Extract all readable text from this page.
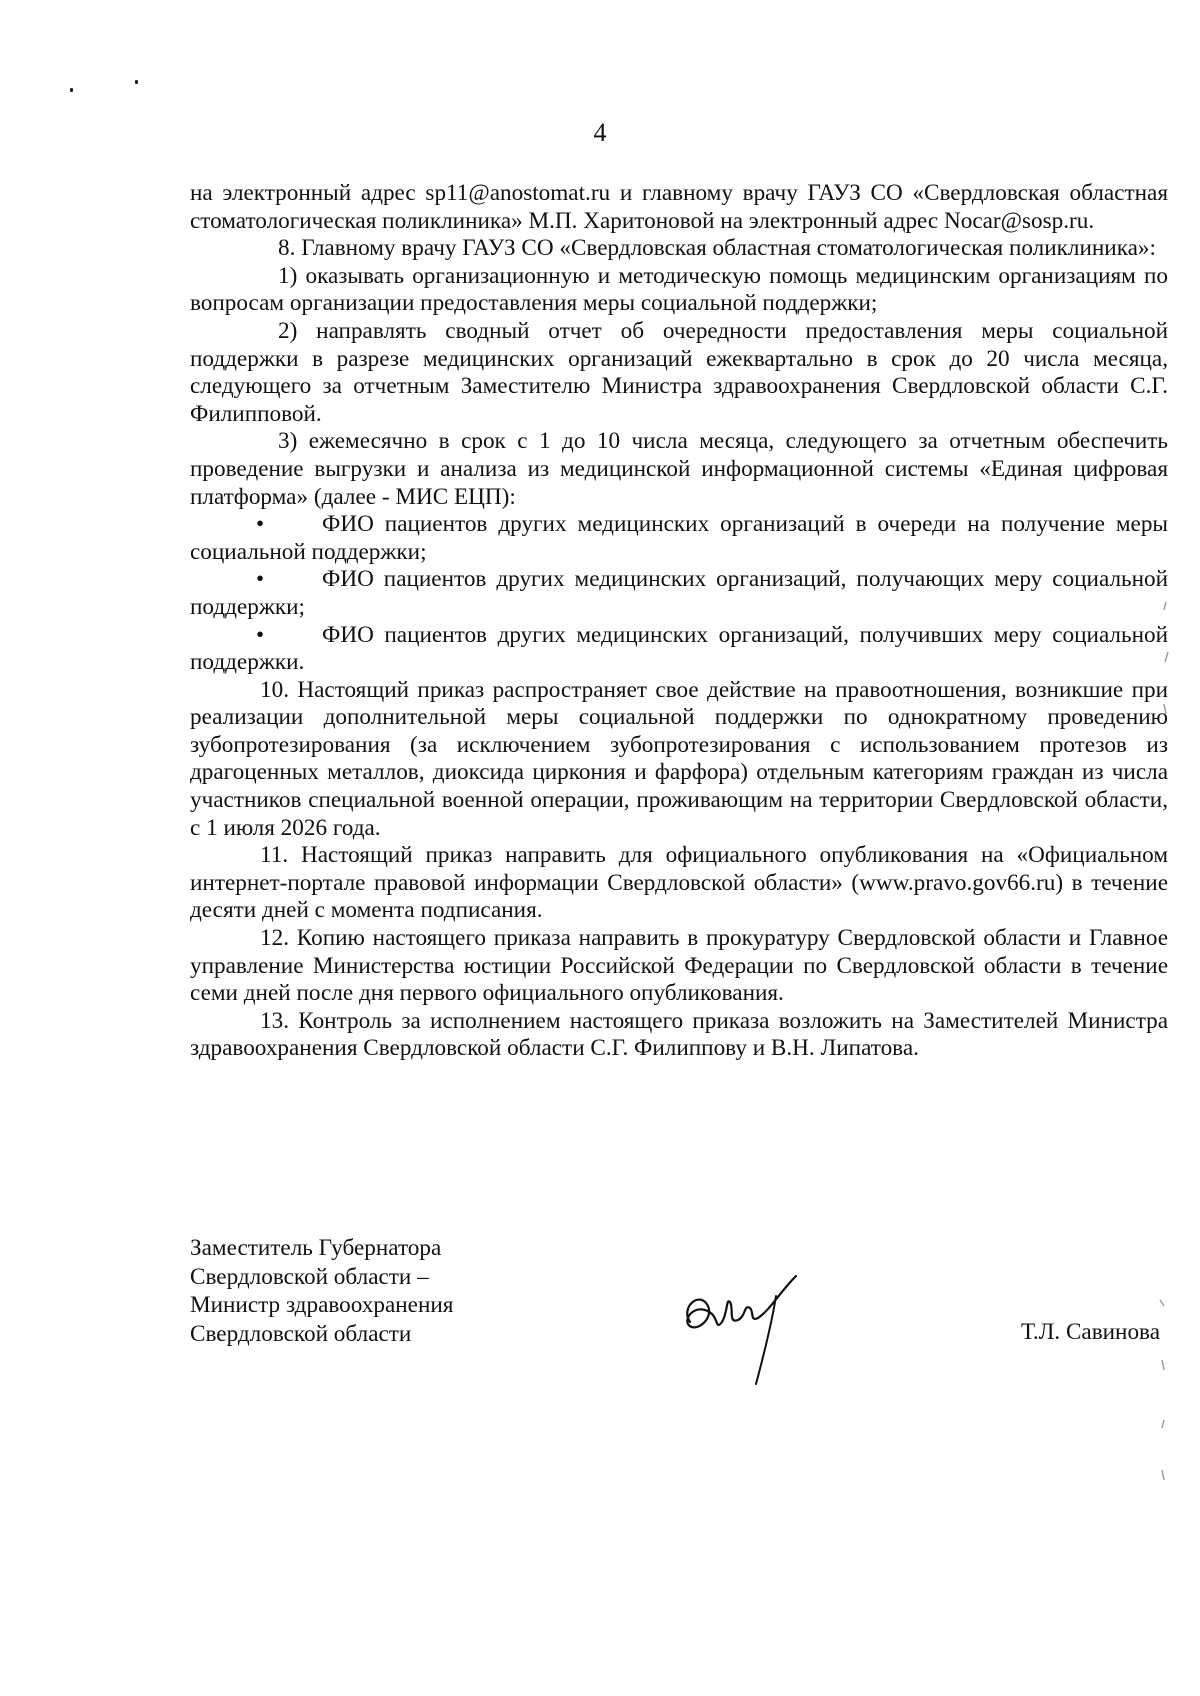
4

на электронный адрес sp11@anostomat.ru и главному врачу ГАУЗ СО «Свердловская областная стоматологическая поликлиника» М.П. Харитоновой на электронный адрес Nocar@sosp.ru.

8. Главному врачу ГАУЗ СО «Свердловская областная стоматологическая поликлиника»:

1) оказывать организационную и методическую помощь медицинским организациям по вопросам организации предоставления меры социальной поддержки;

2) направлять сводный отчет об очередности предоставления меры социальной поддержки в разрезе медицинских организаций ежеквартально в срок до 20 числа месяца, следующего за отчетным Заместителю Министра здравоохранения Свердловской области С.Г. Филипповой.

3) ежемесячно в срок с 1 до 10 числа месяца, следующего за отчетным обеспечить проведение выгрузки и анализа из медицинской информационной системы «Единая цифровая платформа» (далее - МИС ЕЦП):

• ФИО пациентов других медицинских организаций в очереди на получение меры социальной поддержки;

• ФИО пациентов других медицинских организаций, получающих меру социальной поддержки;

• ФИО пациентов других медицинских организаций, получивших меру социальной поддержки.

10. Настоящий приказ распространяет свое действие на правоотношения, возникшие при реализации дополнительной меры социальной поддержки по однократному проведению зубопротезирования (за исключением зубопротезирования с использованием протезов из драгоценных металлов, диоксида циркония и фарфора) отдельным категориям граждан из числа участников специальной военной операции, проживающим на территории Свердловской области, с 1 июля 2026 года.

11. Настоящий приказ направить для официального опубликования на «Официальном интернет-портале правовой информации Свердловской области» (www.pravo.gov66.ru) в течение десяти дней с момента подписания.

12. Копию настоящего приказа направить в прокуратуру Свердловской области и Главное управление Министерства юстиции Российской Федерации по Свердловской области в течение семи дней после дня первого официального опубликования.

13. Контроль за исполнением настоящего приказа возложить на Заместителей Министра здравоохранения Свердловской области С.Г. Филиппову и В.Н. Липатова.

Заместитель Губернатора
Свердловской области –
Министр здравоохранения
Свердловской области	Т.Л. Савинова
